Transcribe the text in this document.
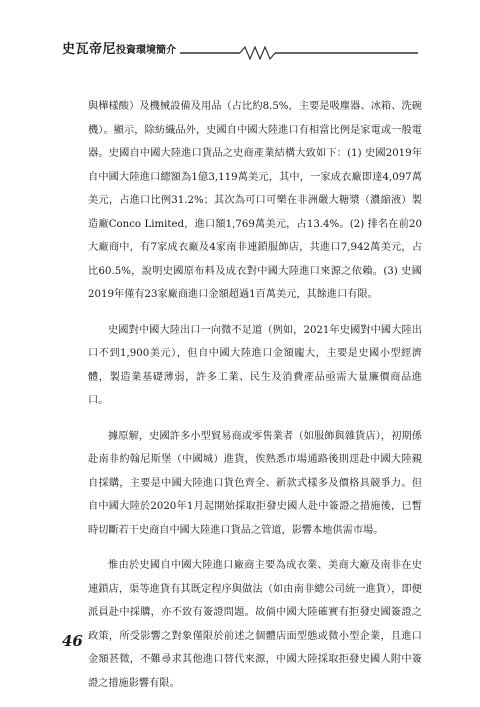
史瓦帝尼投資環境簡介

與樺樣酸）及機械設備及用品（占比約8.5%，主要是吸塵器、冰箱、洗碗機）。顯示，除紡織品外，史國自中國大陸進口有相當比例是家電或一般電器。史國自中國大陸進口貨品之史商產業結構大致如下：(1) 史國2019年自中國大陸進口總額為1億3,119萬美元，其中，一家成衣廠即達4,097萬美元，占進口比例31.2%；其次為可口可樂在非洲嚴大糖漿（濃縮液）製造廠Conco Limited，進口額1,769萬美元，占13.4%。(2) 排名在前20大廠商中，有7家成衣廠及4家南非連鎖服飾店，共進口7,942萬美元，占比60.5%，說明史國原布料及成衣對中國大陸進口來源之依賴。(3) 史國2019年僅有23家廠商進口金額超過1百萬美元，其餘進口有限。

史國對中國大陸出口一向微不足道（例如，2021年史國對中國大陸出口不到1,900美元），但自中國大陸進口金額龐大，主要是史國小型經濟體，製造業基礎薄弱，許多工業、民生及消費產品亟需大量廉價商品進口。

據原解，史國許多小型貿易商或零售業者（如服飾與雜貨店），初期係赴南非約翰尼斯堡（中國城）進貨，俟熟悉市場通路後則逕赴中國大陸親自採購，主要是中國大陸進口貨色齊全、新款式樣多及價格具競爭力。但自中國大陸於2020年1月起開始採取拒發史國人赴中簽證之措施後，已暫時切斷若干史商自中國大陸進口貨品之管道，影響本地供需市場。

惟由於史國自中國大陸進口廠商主要為成衣業、美商大廠及南非在史連鎖店，渠等進貨有其既定程序與做法（如由南非總公司統一進貨），即便派員赴中採購，亦不致有簽證問題。故倘中國大陸確實有拒發史國簽證之政策，所受影響之對象僅限於前述之個體店面型態或微小型企業，且進口金額甚微，不難尋求其他進口替代來源，中國大陸採取拒發史國人附中簽證之措施影響有限。

46
